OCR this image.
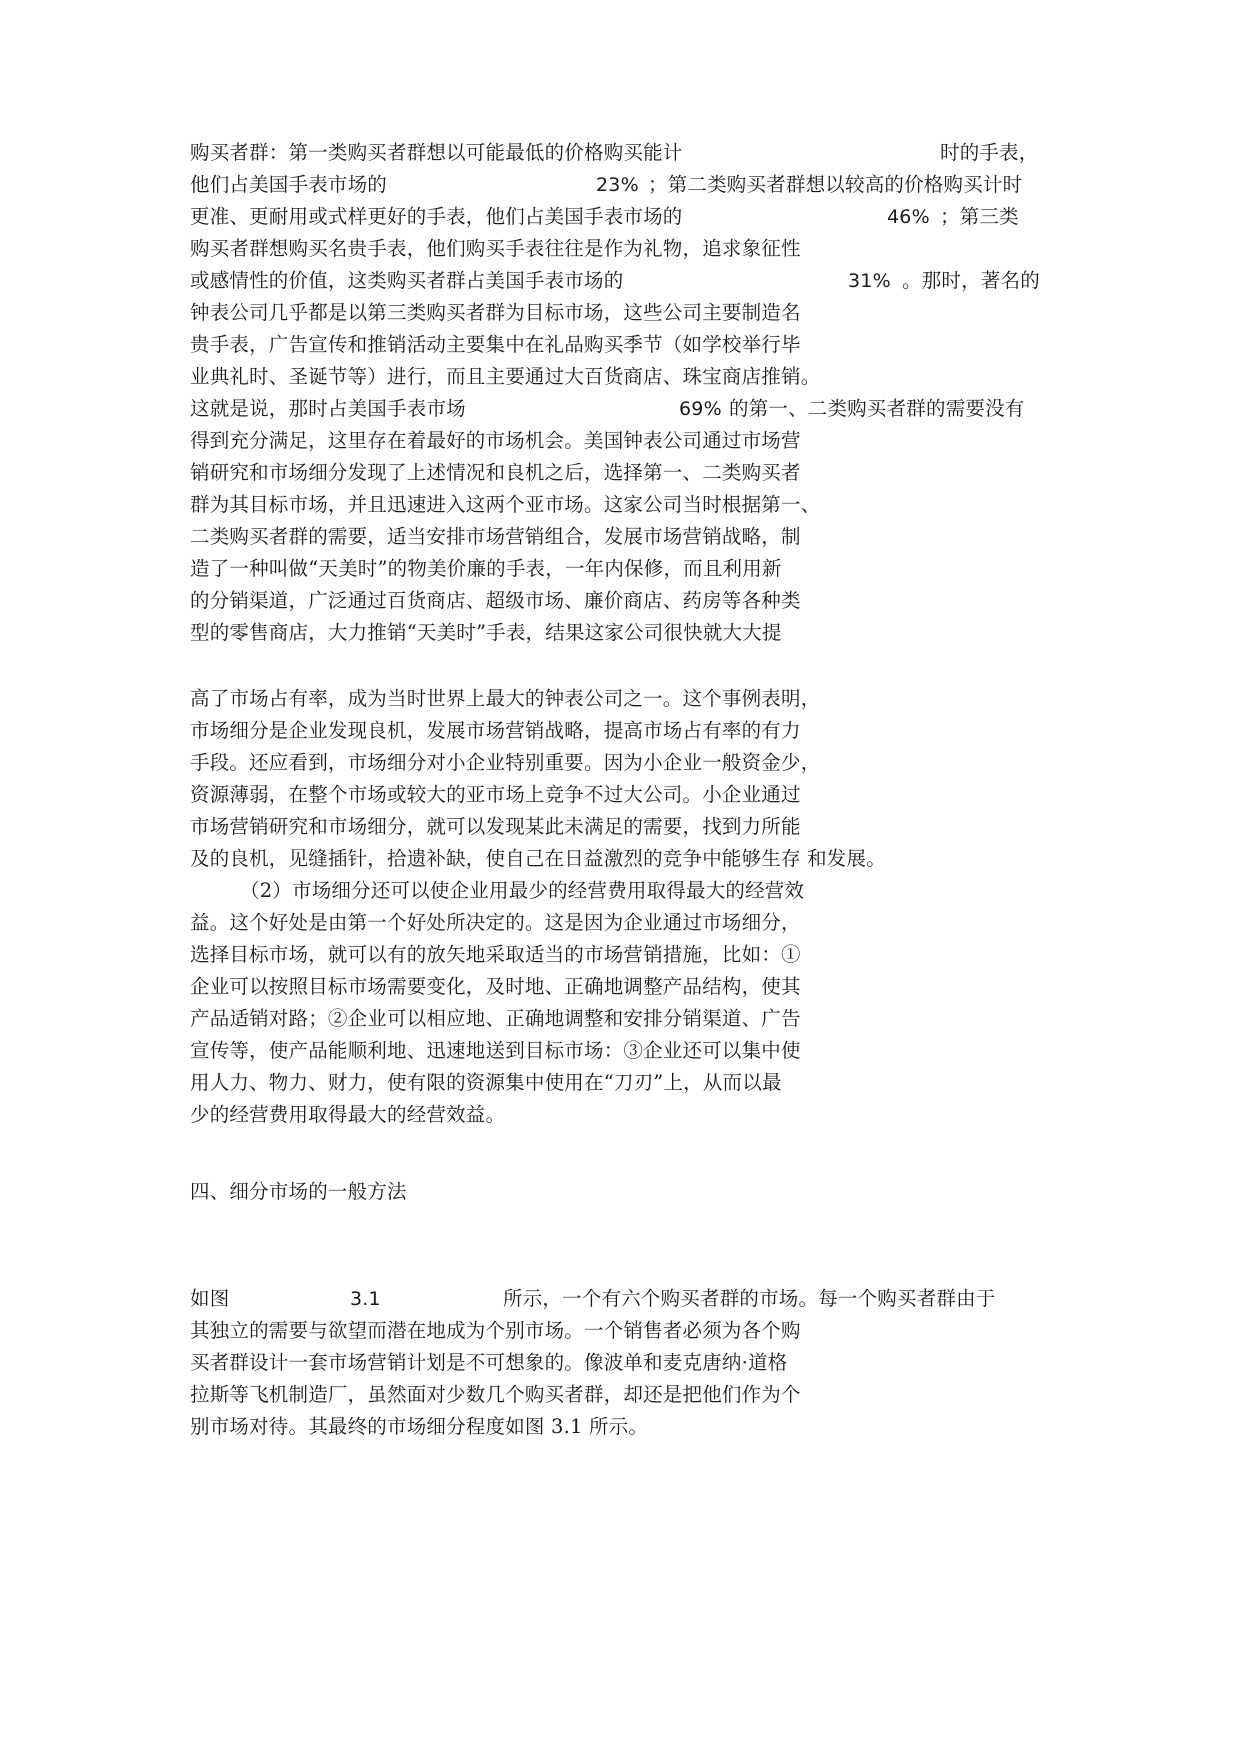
购买者群：第一类购买者群想以可能最低的价格购买能计	时的手表，
他们占美国手表市场的	23% ；第二类购买者群想以较高的价格购买计时
更准、更耐用或式样更好的手表，他们占美国手表市场的	46% ；第三类
购买者群想购买名贵手表，他们购买手表往往是作为礼物，追求象征性
或感情性的价值，这类购买者群占美国手表市场的	31% 。那时，著名的
钟表公司几乎都是以第三类购买者群为目标市场，这些公司主要制造名
贵手表，广告宣传和推销活动主要集中在礼品购买季节（如学校举行毕
业典礼时、圣诞节等）进行，而且主要通过大百货商店、珠宝商店推销。
这就是说，那时占美国手表市场	69% 的第一、二类购买者群的需要没有
得到充分满足，这里存在着最好的市场机会。美国钟表公司通过市场营
销研究和市场细分发现了上述情况和良机之后，选择第一、二类购买者
群为其目标市场，并且迅速进入这两个亚市场。这家公司当时根据第一、
二类购买者群的需要，适当安排市场营销组合，发展市场营销战略，制
造了一种叫做“天美时”的物美价廉的手表，一年内保修，而且利用新
的分销渠道，广泛通过百货商店、超级市场、廉价商店、药房等各种类
型的零售商店，大力推销“天美时”手表，结果这家公司很快就大大提
高了市场占有率，成为当时世界上最大的钟表公司之一。这个事例表明，
市场细分是企业发现良机，发展市场营销战略，提高市场占有率的有力
手段。还应看到，市场细分对小企业特别重要。因为小企业一般资金少，
资源薄弱，在整个市场或较大的亚市场上竞争不过大公司。小企业通过
市场营销研究和市场细分，就可以发现某此未满足的需要，找到力所能
及的良机，见缝插针，拾遗补缺，使自己在日益激烈的竞争中能够生存 和发展。
（2）市场细分还可以使企业用最少的经营费用取得最大的经营效
益。这个好处是由第一个好处所决定的。这是因为企业通过市场细分，
选择目标市场，就可以有的放矢地采取适当的市场营销措施，比如：①
企业可以按照目标市场需要变化，及时地、正确地调整产品结构，使其
产品适销对路；②企业可以相应地、正确地调整和安排分销渠道、广告
宣传等，使产品能顺利地、迅速地送到目标市场：③企业还可以集中使
用人力、物力、财力，使有限的资源集中使用在“刀刃”上，从而以最
少的经营费用取得最大的经营效益。
四、细分市场的一般方法
如图	3.1	所示，一个有六个购买者群的市场。每一个购买者群由于
其独立的需要与欲望而潜在地成为个别市场。一个销售者必须为各个购
买者群设计一套市场营销计划是不可想象的。像波单和麦克唐纳·道格
拉斯等飞机制造厂，虽然面对少数几个购买者群，却还是把他们作为个
别市场对待。其最终的市场细分程度如图 3.1 所示。
